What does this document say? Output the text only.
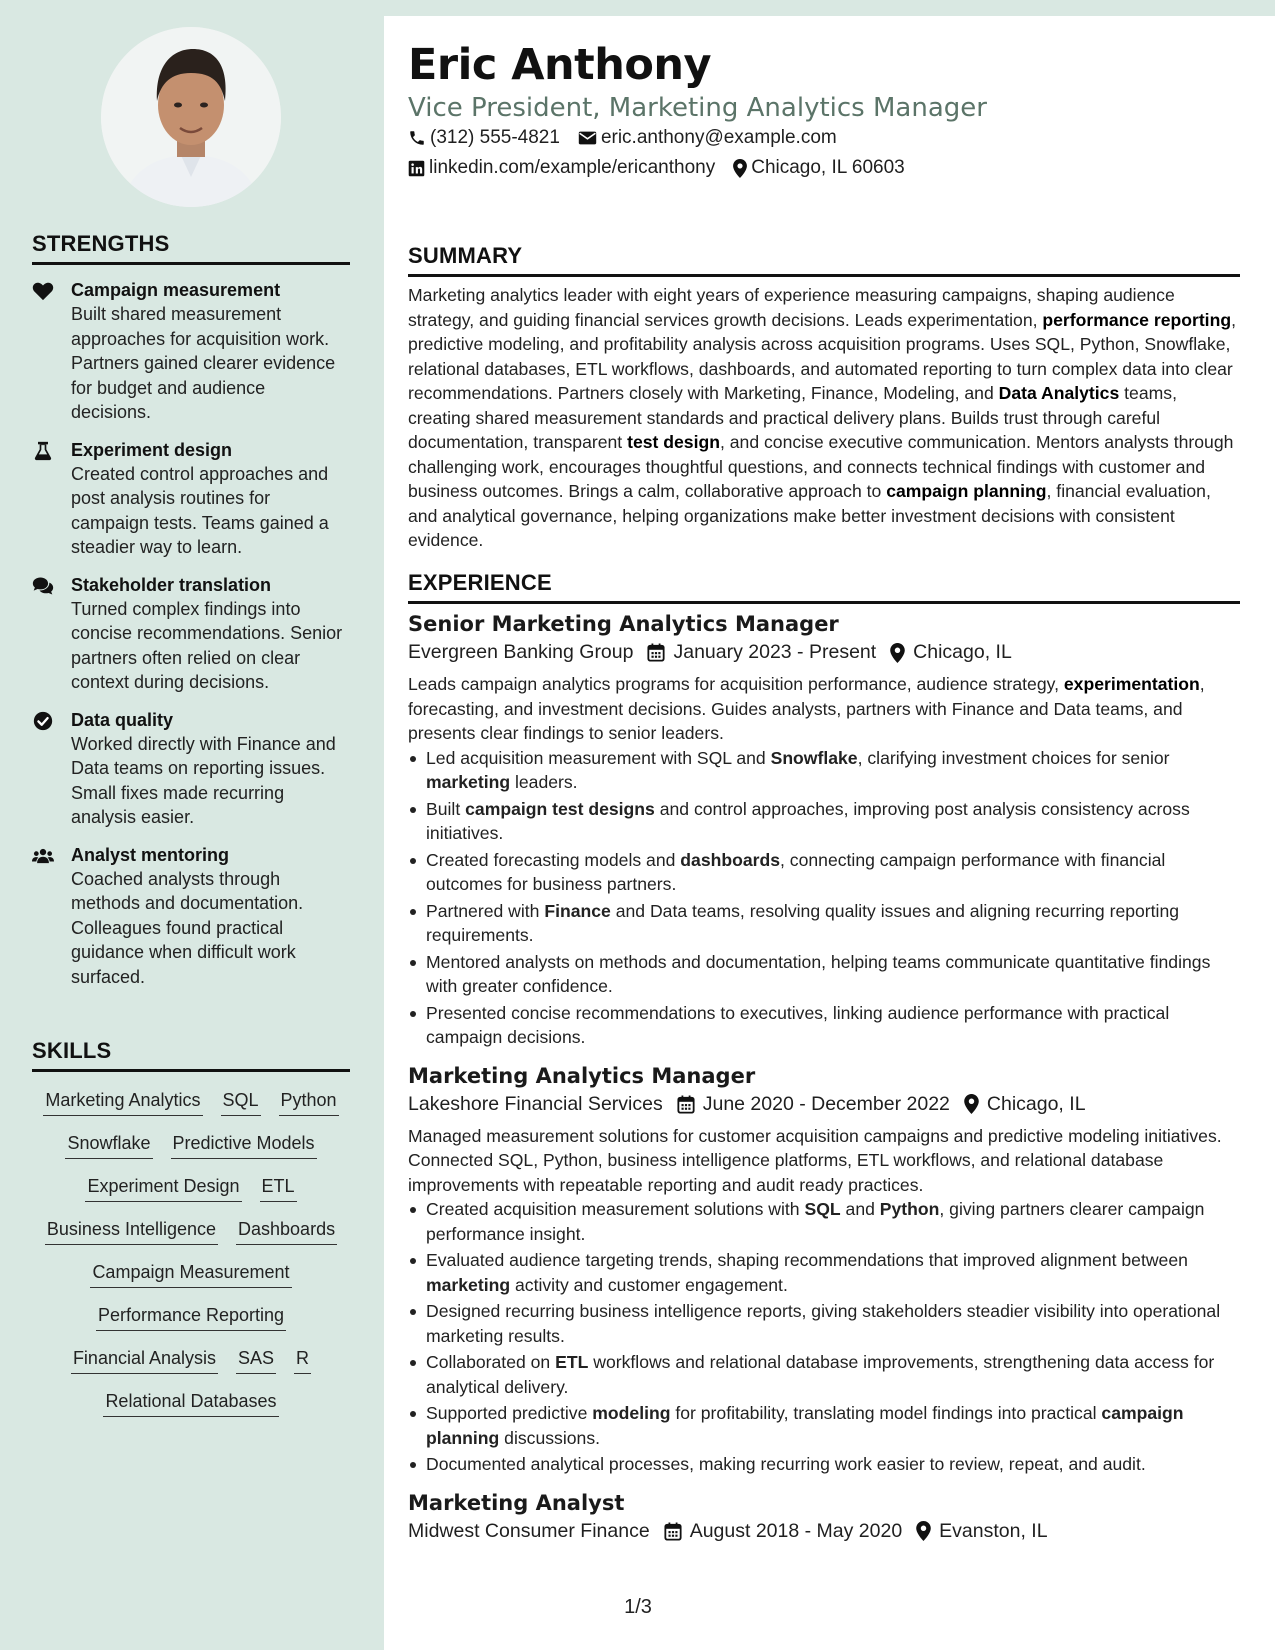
Eric Anthony
Vice President, Marketing Analytics Manager
(312) 555-4821 eric.anthony@example.com
linkedin.com/example/ericanthony Chicago, IL 60603
STRENGTHS
Campaign measurement
Built shared measurement approaches for acquisition work. Partners gained clearer evidence for budget and audience decisions.
Experiment design
Created control approaches and post analysis routines for campaign tests. Teams gained a steadier way to learn.
Stakeholder translation
Turned complex findings into concise recommendations. Senior partners often relied on clear context during decisions.
Data quality
Worked directly with Finance and Data teams on reporting issues. Small fixes made recurring analysis easier.
Analyst mentoring
Coached analysts through methods and documentation. Colleagues found practical guidance when difficult work surfaced.
SKILLS
Marketing Analytics SQL Python
Snowflake Predictive Models
Experiment Design ETL
Business Intelligence Dashboards
Campaign Measurement
Performance Reporting
Financial Analysis SAS R
Relational Databases
SUMMARY
Marketing analytics leader with eight years of experience measuring campaigns, shaping audience strategy, and guiding financial services growth decisions. Leads experimentation, performance reporting, predictive modeling, and profitability analysis across acquisition programs. Uses SQL, Python, Snowflake, relational databases, ETL workflows, dashboards, and automated reporting to turn complex data into clear recommendations. Partners closely with Marketing, Finance, Modeling, and Data Analytics teams, creating shared measurement standards and practical delivery plans. Builds trust through careful documentation, transparent test design, and concise executive communication. Mentors analysts through challenging work, encourages thoughtful questions, and connects technical findings with customer and business outcomes. Brings a calm, collaborative approach to campaign planning, financial evaluation, and analytical governance, helping organizations make better investment decisions with consistent evidence.
EXPERIENCE
Senior Marketing Analytics Manager
Evergreen Banking Group January 2023 - Present Chicago, IL
Leads campaign analytics programs for acquisition performance, audience strategy, experimentation, forecasting, and investment decisions. Guides analysts, partners with Finance and Data teams, and presents clear findings to senior leaders.
Led acquisition measurement with SQL and Snowflake, clarifying investment choices for senior marketing leaders.
Built campaign test designs and control approaches, improving post analysis consistency across initiatives.
Created forecasting models and dashboards, connecting campaign performance with financial outcomes for business partners.
Partnered with Finance and Data teams, resolving quality issues and aligning recurring reporting requirements.
Mentored analysts on methods and documentation, helping teams communicate quantitative findings with greater confidence.
Presented concise recommendations to executives, linking audience performance with practical campaign decisions.
Marketing Analytics Manager
Lakeshore Financial Services June 2020 - December 2022 Chicago, IL
Managed measurement solutions for customer acquisition campaigns and predictive modeling initiatives. Connected SQL, Python, business intelligence platforms, ETL workflows, and relational database improvements with repeatable reporting and audit ready practices.
Created acquisition measurement solutions with SQL and Python, giving partners clearer campaign performance insight.
Evaluated audience targeting trends, shaping recommendations that improved alignment between marketing activity and customer engagement.
Designed recurring business intelligence reports, giving stakeholders steadier visibility into operational marketing results.
Collaborated on ETL workflows and relational database improvements, strengthening data access for analytical delivery.
Supported predictive modeling for profitability, translating model findings into practical campaign planning discussions.
Documented analytical processes, making recurring work easier to review, repeat, and audit.
Marketing Analyst
Midwest Consumer Finance August 2018 - May 2020 Evanston, IL
1/3
